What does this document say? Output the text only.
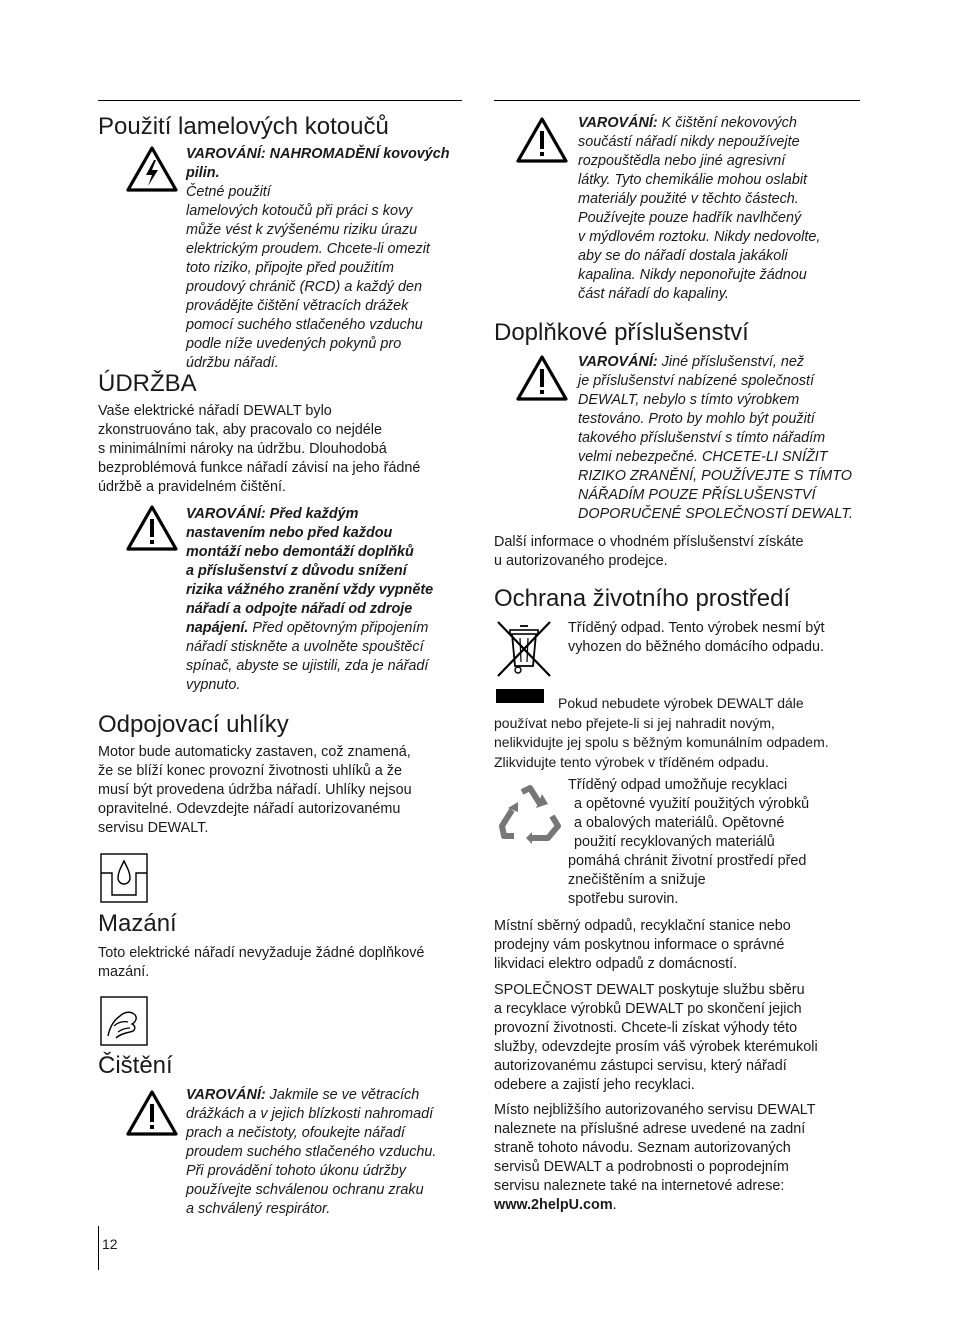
Použití lamelových kotoučů
VAROVÁNÍ: NAHROMADĚNÍ kovových pilin.
Četné použití
lamelových kotoučů při práci s kovy
může vést k zvýšenému riziku úrazu
elektrickým proudem. Chcete-li omezit
toto riziko, připojte před použitím
proudový chránič (RCD) a každý den
provádějte čištění větracích drážek
pomocí suchého stlačeného vzduchu
podle níže uvedených pokynů pro
údržbu nářadí.
ÚDRŽBA
Vaše elektrické nářadí DEWALT bylo
zkonstruováno tak, aby pracovalo co nejdéle
s minimálními nároky na údržbu. Dlouhodobá
bezproblémová funkce nářadí závisí na jeho řádné
údržbě a pravidelném čištění.
VAROVÁNÍ: Před každým
nastavením nebo před každou
montáží nebo demontáží doplňků
a příslušenství z důvodu snížení
rizika vážného zranění vždy vypněte
nářadí a odpojte nářadí od zdroje
napájení. Před opětovným připojením
nářadí stiskněte a uvolněte spouštěcí
spínač, abyste se ujistili, zda je nářadí
vypnuto.
Odpojovací uhlíky
Motor bude automaticky zastaven, což znamená,
že se blíží konec provozní životnosti uhlíků a že
musí být provedena údržba nářadí. Uhlíky nejsou
opravitelné. Odevzdejte nářadí autorizovanému
servisu DEWALT.
Mazání
Toto elektrické nářadí nevyžaduje žádné doplňkové
mazání.
Čištění
VAROVÁNÍ: Jakmile se ve větracích
drážkách a v jejich blízkosti nahromadí
prach a nečistoty, ofoukejte nářadí
proudem suchého stlačeného vzduchu.
Při provádění tohoto úkonu údržby
používejte schválenou ochranu zraku
a schválený respirátor.
12
VAROVÁNÍ: K čištění nekovových
součástí nářadí nikdy nepoužívejte
rozpouštědla nebo jiné agresivní
látky. Tyto chemikálie mohou oslabit
materiály použité v těchto částech.
Používejte pouze hadřík navlhčený
v mýdlovém roztoku. Nikdy nedovolte,
aby se do nářadí dostala jakákoli
kapalina. Nikdy neponořujte žádnou
část nářadí do kapaliny.
Doplňkové příslušenství
VAROVÁNÍ: Jiné příslušenství, než
je příslušenství nabízené společností
DEWALT, nebylo s tímto výrobkem
testováno. Proto by mohlo být použití
takového příslušenství s tímto nářadím
velmi nebezpečné. CHCETE-LI SNÍŽIT
RIZIKO ZRANĚNÍ, POUŽÍVEJTE S TÍMTO
NÁŘADÍM POUZE PŘÍSLUŠENSTVÍ
DOPORUČENÉ SPOLEČNOSTÍ DEWALT.
Další informace o vhodném příslušenství získáte
u autorizovaného prodejce.
Ochrana životního prostředí
Tříděný odpad. Tento výrobek nesmí být
vyhozen do běžného domácího odpadu.
Pokud nebudete výrobek DEWALT dále
používat nebo přejete-li si jej nahradit novým,
nelikvidujte jej spolu s běžným komunálním odpadem.
Zlikvidujte tento výrobek v tříděném odpadu.
Tříděný odpad umožňuje recyklaci
a opětovné využití použitých výrobků
a obalových materiálů. Opětovné
použití recyklovaných materiálů
pomáhá chránit životní prostředí před
znečištěním a snižuje
spotřebu surovin.
Místní sběrný odpadů, recyklační stanice nebo
prodejny vám poskytnou informace o správné
likvidaci elektro odpadů z domácností.
SPOLEČNOST DEWALT poskytuje službu sběru
a recyklace výrobků DEWALT po skončení jejich
provozní životnosti. Chcete-li získat výhody této
služby, odevzdejte prosím váš výrobek kterémukoli
autorizovanému zástupci servisu, který nářadí
odebere a zajistí jeho recyklaci.
Místo nejbližšího autorizovaného servisu DEWALT
naleznete na příslušné adrese uvedené na zadní
straně tohoto návodu. Seznam autorizovaných
servisů DEWALT a podrobnosti o poprodejním
servisu naleznete také na internetové adrese:
www.2helpU.com.
